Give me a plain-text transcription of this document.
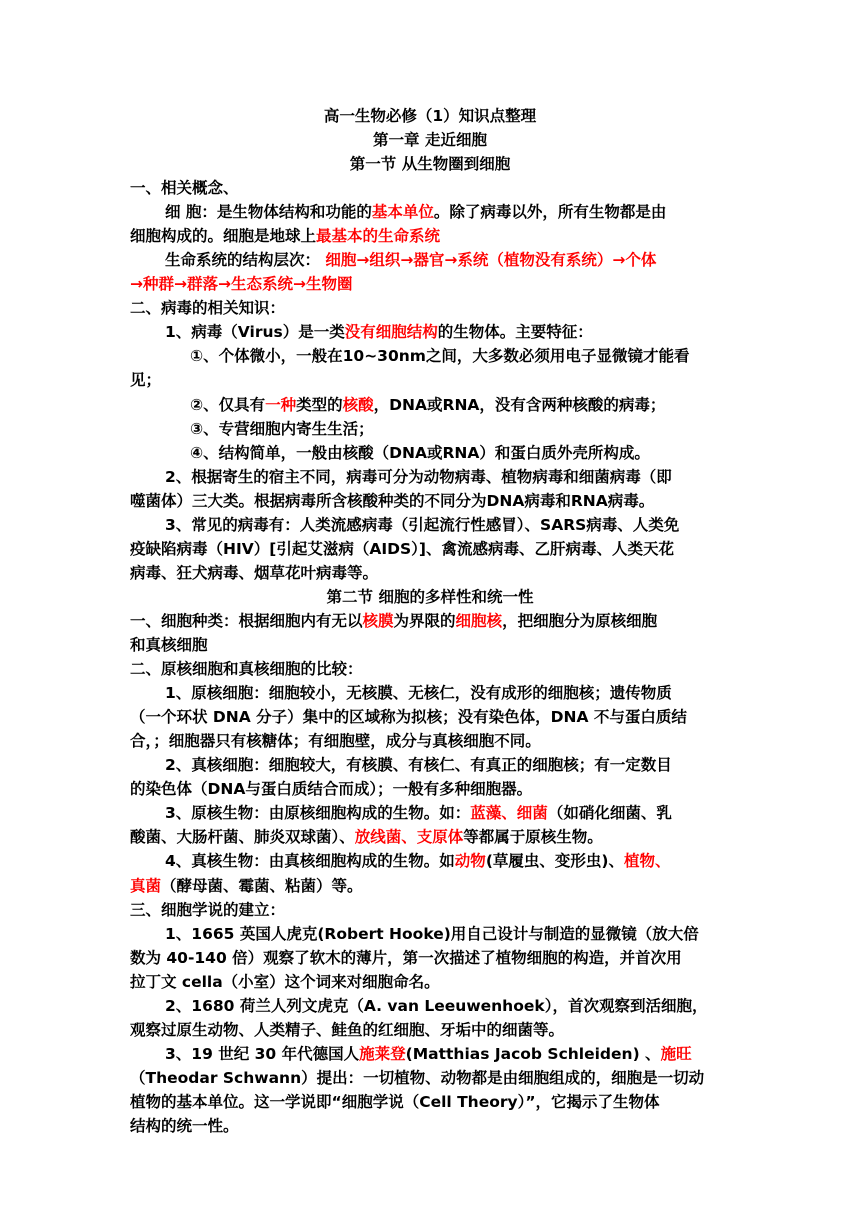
高一生物必修（1）知识点整理
第一章 走近细胞
第一节 从生物圈到细胞
一、相关概念、
细 胞：是生物体结构和功能的基本单位。除了病毒以外，所有生物都是由
细胞构成的。细胞是地球上最基本的生命系统
生命系统的结构层次： 细胞→组织→器官→系统（植物没有系统）→个体
→种群→群落→生态系统→生物圈
二、病毒的相关知识：
1、病毒（Virus）是一类没有细胞结构的生物体。主要特征：
①、个体微小，一般在10~30nm之间，大多数必须用电子显微镜才能看
见；
②、仅具有一种类型的核酸，DNA或RNA，没有含两种核酸的病毒；
③、专营细胞内寄生生活；
④、结构简单，一般由核酸（DNA或RNA）和蛋白质外壳所构成。
2、根据寄生的宿主不同，病毒可分为动物病毒、植物病毒和细菌病毒（即
噬菌体）三大类。根据病毒所含核酸种类的不同分为DNA病毒和RNA病毒。
3、常见的病毒有：人类流感病毒（引起流行性感冒）、SARS病毒、人类免
疫缺陷病毒（HIV）[引起艾滋病（AIDS）]、禽流感病毒、乙肝病毒、人类天花
病毒、狂犬病毒、烟草花叶病毒等。
第二节 细胞的多样性和统一性
一、细胞种类：根据细胞内有无以核膜为界限的细胞核，把细胞分为原核细胞
和真核细胞
二、原核细胞和真核细胞的比较：
1、原核细胞：细胞较小，无核膜、无核仁，没有成形的细胞核；遗传物质
（一个环状 DNA 分子）集中的区域称为拟核；没有染色体，DNA 不与蛋白质结
合，；细胞器只有核糖体；有细胞壁，成分与真核细胞不同。
2、真核细胞：细胞较大，有核膜、有核仁、有真正的细胞核；有一定数目
的染色体（DNA与蛋白质结合而成）；一般有多种细胞器。
3、原核生物：由原核细胞构成的生物。如：蓝藻、细菌（如硝化细菌、乳
酸菌、大肠杆菌、肺炎双球菌）、放线菌、支原体等都属于原核生物。
4、真核生物：由真核细胞构成的生物。如动物(草履虫、变形虫)、植物、
真菌（酵母菌、霉菌、粘菌）等。
三、细胞学说的建立：
1、1665 英国人虎克(Robert Hooke)用自己设计与制造的显微镜（放大倍
数为 40-140 倍）观察了软木的薄片，第一次描述了植物细胞的构造，并首次用
拉丁文 cella（小室）这个词来对细胞命名。
2、1680 荷兰人列文虎克（A. van Leeuwenhoek），首次观察到活细胞，
观察过原生动物、人类精子、鲑鱼的红细胞、牙垢中的细菌等。
3、19 世纪 30 年代德国人施莱登(Matthias Jacob Schleiden) 、施旺
（Theodar Schwann）提出：一切植物、动物都是由细胞组成的，细胞是一切动
植物的基本单位。这一学说即“细胞学说（Cell Theory）”，它揭示了生物体
结构的统一性。
